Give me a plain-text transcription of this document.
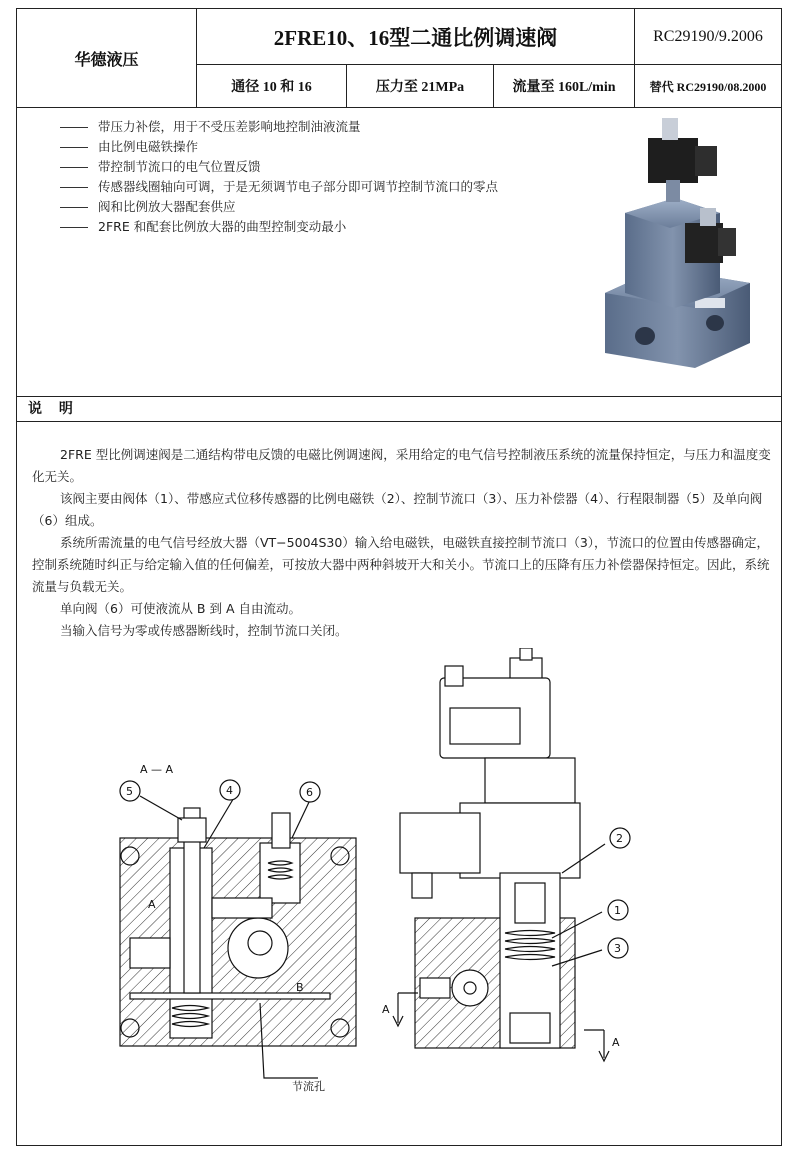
华德液压
2FRE10、16型二通比例调速阀	RC29190/9.2006
通径 10 和 16	压力至 21MPa	流量至 160L/min	替代 RC29190/08.2000
带压力补偿，用于不受压差影响地控制油液流量
由比例电磁铁操作
带控制节流口的电气位置反馈
传感器线圈轴向可调，于是无须调节电子部分即可调节控制节流口的零点
阀和比例放大器配套供应
2FRE 和配套比例放大器的曲型控制变动最小
说 明

2FRE 型比例调速阀是二通结构带电反馈的电磁比例调速阀，采用给定的电气信号控制液压系统的流量保持恒定，与压力和温度变化无关。

该阀主要由阀体（1）、带感应式位移传感器的比例电磁铁（2）、控制节流口（3）、压力补偿器（4）、行程限制器（5）及单向阀（6）组成。

系统所需流量的电气信号经放大器（VT−5004S30）输入给电磁铁，电磁铁直接控制节流口（3），节流口的位置由传感器确定，控制系统随时纠正与给定输入值的任何偏差，可按放大器中两种斜坡开大和关小。节流口上的压降有压力补偿器保持恒定。因此，系统流量与负载无关。

单向阀（6）可使液流从 B 到 A 自由流动。

当输入信号为零或传感器断线时，控制节流口关闭。

A — A
5	4	6
2
1
3
A
B
A
A
节流孔
